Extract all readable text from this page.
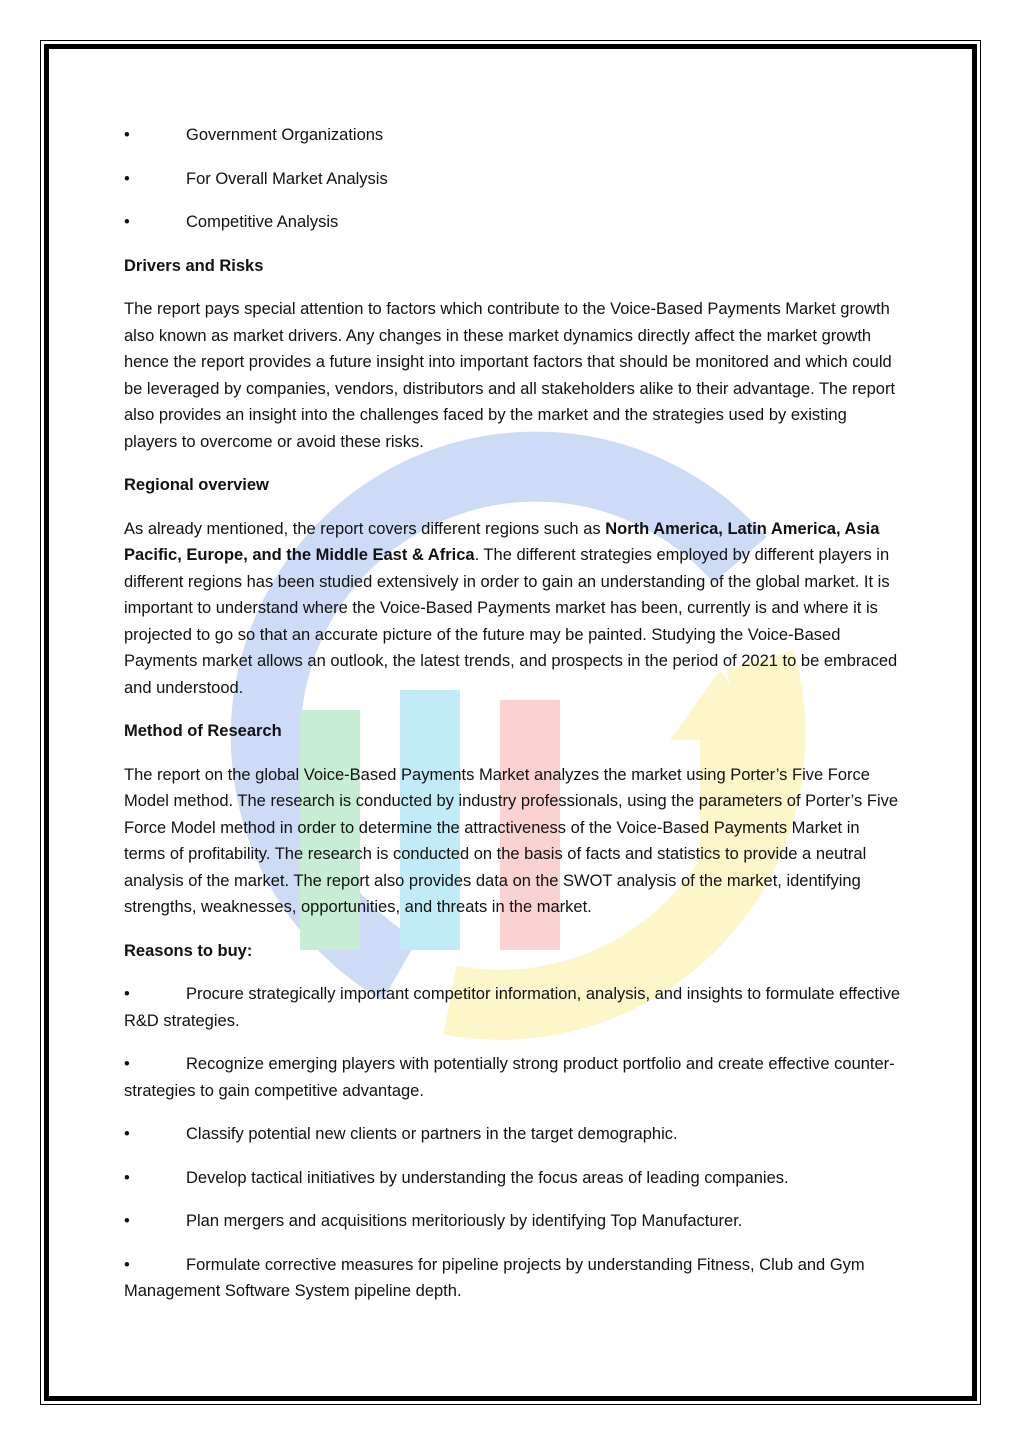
•	Government Organizations

•	For Overall Market Analysis

•	Competitive Analysis

Drivers and Risks

The report pays special attention to factors which contribute to the Voice-Based Payments Market growth also known as market drivers. Any changes in these market dynamics directly affect the market growth hence the report provides a future insight into important factors that should be monitored and which could be leveraged by companies, vendors, distributors and all stakeholders alike to their advantage. The report also provides an insight into the challenges faced by the market and the strategies used by existing players to overcome or avoid these risks.

Regional overview

As already mentioned, the report covers different regions such as North America, Latin America, Asia Pacific, Europe, and the Middle East & Africa. The different strategies employed by different players in different regions has been studied extensively in order to gain an understanding of the global market. It is important to understand where the Voice-Based Payments market has been, currently is and where it is projected to go so that an accurate picture of the future may be painted. Studying the Voice-Based Payments market allows an outlook, the latest trends, and prospects in the period of 2021 to be embraced and understood.

Method of Research

The report on the global Voice-Based Payments Market analyzes the market using Porter’s Five Force Model method. The research is conducted by industry professionals, using the parameters of Porter’s Five Force Model method in order to determine the attractiveness of the Voice-Based Payments Market in terms of profitability. The research is conducted on the basis of facts and statistics to provide a neutral analysis of the market. The report also provides data on the SWOT analysis of the market, identifying strengths, weaknesses, opportunities, and threats in the market.

Reasons to buy:

•	Procure strategically important competitor information, analysis, and insights to formulate effective R&D strategies.

•	Recognize emerging players with potentially strong product portfolio and create effective counter-strategies to gain competitive advantage.

•	Classify potential new clients or partners in the target demographic.

•	Develop tactical initiatives by understanding the focus areas of leading companies.

•	Plan mergers and acquisitions meritoriously by identifying Top Manufacturer.

•	Formulate corrective measures for pipeline projects by understanding Fitness, Club and Gym Management Software System pipeline depth.
